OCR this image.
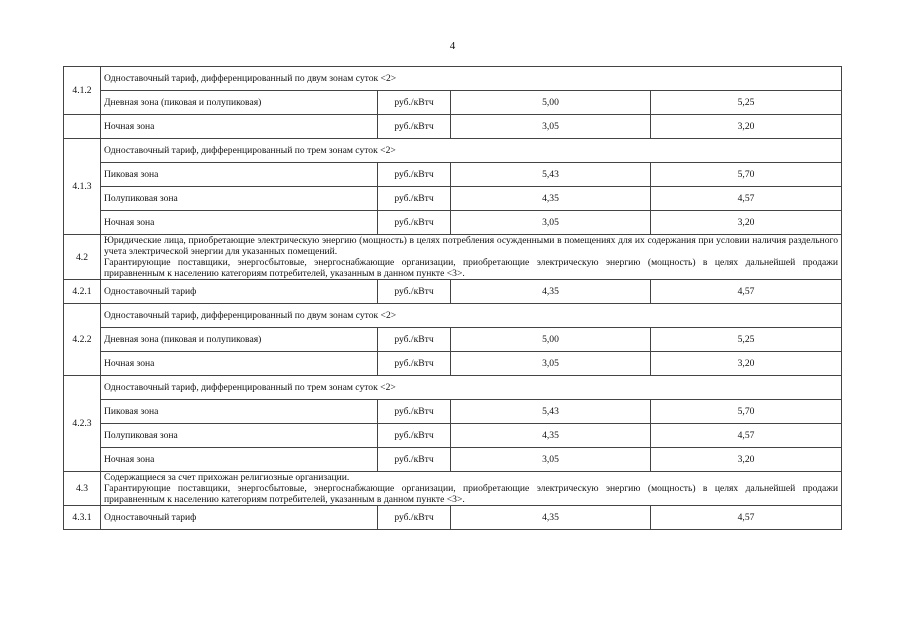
4
4.1.2	Одноставочный тариф, дифференцированный по двум зонам суток <2>			
	Дневная зона (пиковая и полупиковая)	руб./кВтч	5,00	5,25
	Ночная зона	руб./кВтч	3,05	3,20
4.1.3	Одноставочный тариф, дифференцированный по трем зонам суток <2>			
	Пиковая зона	руб./кВтч	5,43	5,70
	Полупиковая зона	руб./кВтч	4,35	4,57
	Ночная зона	руб./кВтч	3,05	3,20
4.2	Юридические лица, приобретающие электрическую энергию (мощность) в целях потребления осужденными в помещениях для их содержания при условии наличия раздельного учета электрической энергии для указанных помещений.

Гарантирующие поставщики, энергосбытовые, энергоснабжающие организации, приобретающие электрическую энергию (мощность) в целях дальнейшей продажи приравненным к населению категориям потребителей, указанным в данном пункте <3>.			

4.2.1	Одноставочный тариф	руб./кВтч	4,35	4,57
4.2.2	Одноставочный тариф, дифференцированный по двум зонам суток <2>			
	Дневная зона (пиковая и полупиковая)	руб./кВтч	5,00	5,25
	Ночная зона	руб./кВтч	3,05	3,20
4.2.3	Одноставочный тариф, дифференцированный по трем зонам суток <2>			
	Пиковая зона	руб./кВтч	5,43	5,70
	Полупиковая зона	руб./кВтч	4,35	4,57
	Ночная зона	руб./кВтч	3,05	3,20
4.3	Содержащиеся за счет прихожан религиозные организации.

Гарантирующие поставщики, энергосбытовые, энергоснабжающие организации, приобретающие электрическую энергию (мощность) в целях дальнейшей продажи приравненным к населению категориям потребителей, указанным в данном пункте <3>.			

4.3.1	Одноставочный тариф	руб./кВтч	4,35	4,57
